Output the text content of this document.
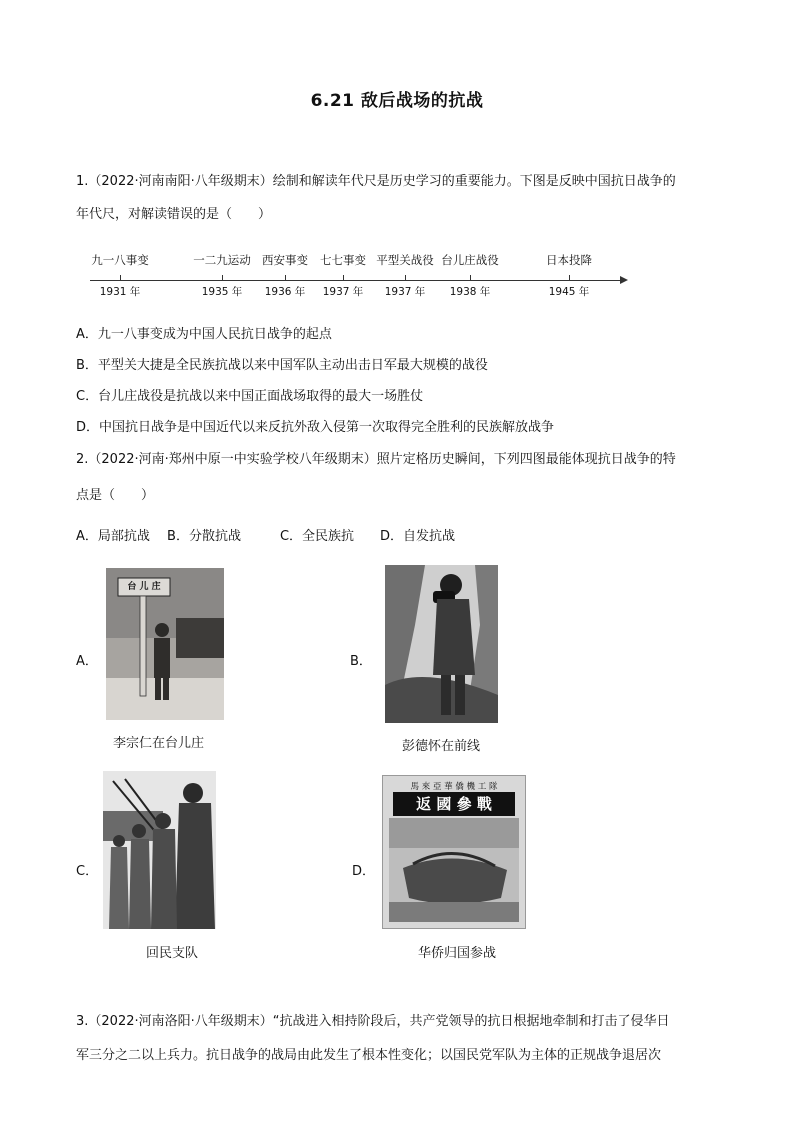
6.21 敌后战场的抗战
1.（2022·河南南阳·八年级期末）绘制和解读年代尺是历史学习的重要能力。下图是反映中国抗日战争的
年代尺，对解读错误的是（　　）
九一八事变
1931 年
一二九运动
1935 年
西安事变
1936 年
七七事变
1937 年
平型关战役
1937 年
台儿庄战役
1938 年
日本投降
1945 年
A．九一八事变成为中国人民抗日战争的起点
B．平型关大捷是全民族抗战以来中国军队主动出击日军最大规模的战役
C．台儿庄战役是抗战以来中国正面战场取得的最大一场胜仗
D．中国抗日战争是中国近代以来反抗外敌入侵第一次取得完全胜利的民族解放战争
2.（2022·河南·郑州中原一中实验学校八年级期末）照片定格历史瞬间，下列四图最能体现抗日战争的特
点是（　　）
A．局部抗战　 B．分散抗战　　　C．全民族抗　　D．自发抗战
A．
台 儿 庄
李宗仁在台儿庄
B．
彭德怀在前线
C．
回民支队
D．
馬 來 亞 華 僑 機 工 隊
返 國 參 戰
华侨归国参战
3.（2022·河南洛阳·八年级期末）“抗战进入相持阶段后，共产党领导的抗日根据地牵制和打击了侵华日
军三分之二以上兵力。抗日战争的战局由此发生了根本性变化；以国民党军队为主体的正规战争退居次
